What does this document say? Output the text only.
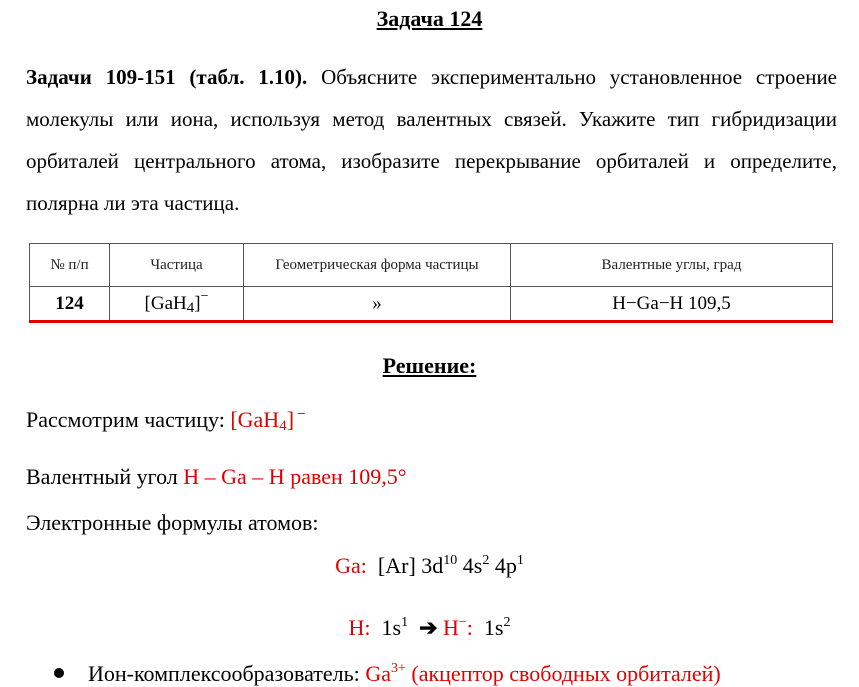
Задача 124
Задачи 109-151 (табл. 1.10). Объясните экспериментально установленное строение молекулы или иона, используя метод валентных связей. Укажите тип гибридизации орбиталей центрального атома, изобразите перекрывание орбиталей и определите, полярна ли эта частица.
№ п/п	Частица	Геометрическая форма частицы	Валентные углы, град
124	[GaH$_4$]−	»	H−Ga−H 109,5
Решение:
Рассмотрим частицу: [GaH$_4$] −
Валентный угол H – Ga – H равен 109,5°
Электронные формулы атомов:
Ga: [Ar] $3d^{10}$ $4s^2$ $4p^1$
H: $1s^1$ ➔ H−: $1s^2$
Ион-комплексообразователь: $Ga^{3+}$ (акцептор свободных орбиталей)
